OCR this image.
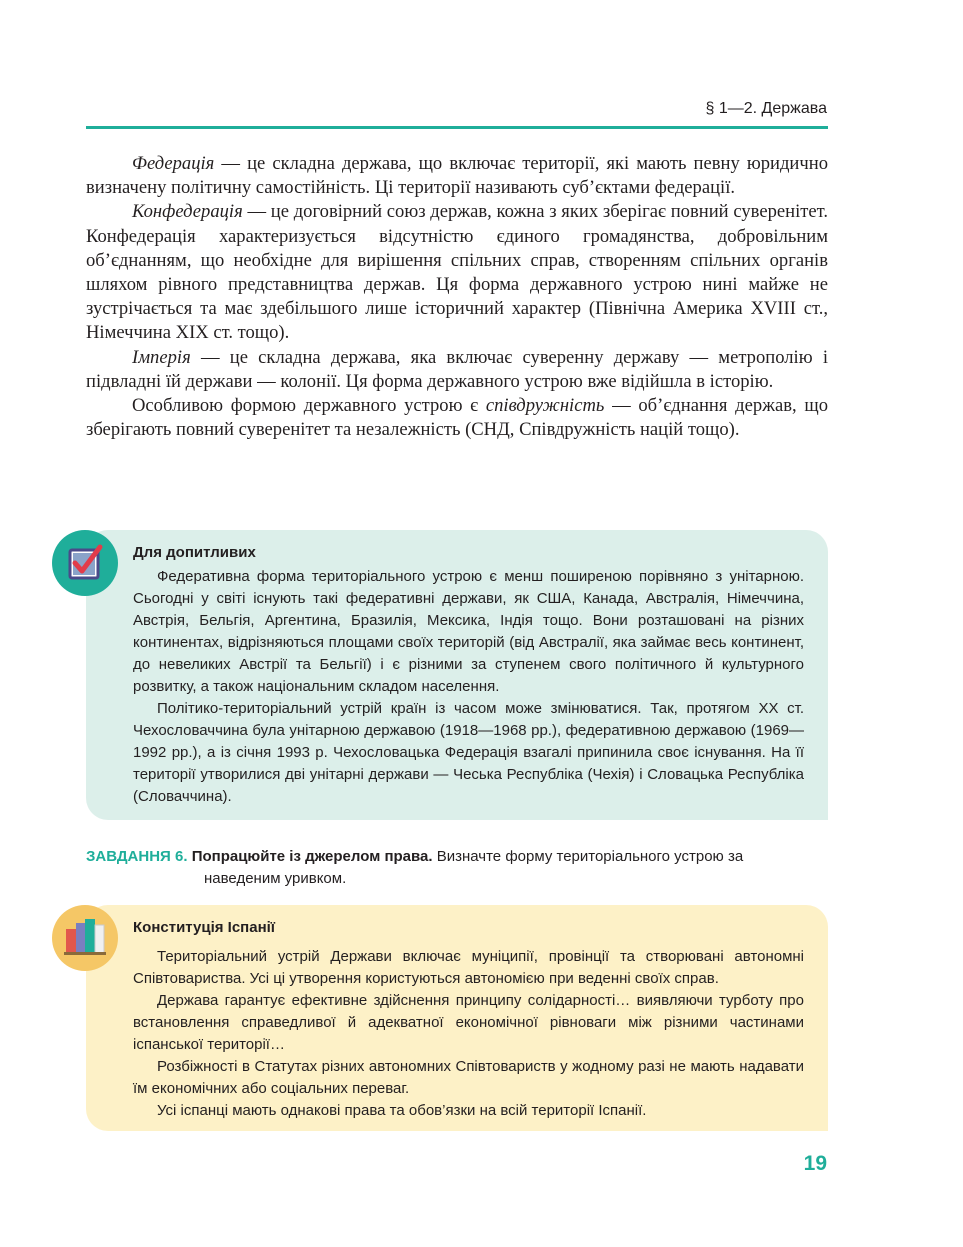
§ 1—2. Держава

Федерація — це складна держава, що включає території, які мають певну юридично визначену політичну самостійність. Ці території називають суб’єктами федерації.

Конфедерація — це договірний союз держав, кожна з яких зберігає повний суверенітет. Конфедерація характеризується відсутністю єдиного громадянства, добровільним об’єднанням, що необхідне для вирішення спільних справ, створенням спільних органів шляхом рівного представництва держав. Ця форма державного устрою нині майже не зустрічається та має здебільшого лише історичний характер (Північна Америка XVIII ст., Німеччина XIX ст. тощо).

Імперія — це складна держава, яка включає суверенну державу — метрополію і підвладні їй держави — колонії. Ця форма державного устрою вже відійшла в історію.

Особливою формою державного устрою є співдружність — об’єднання держав, що зберігають повний суверенітет та незалежність (СНД, Співдружність націй тощо).

Для допитливих

Федеративна форма територіального устрою є менш поширеною порівняно з унітарною. Сьогодні у світі існують такі федеративні держави, як США, Канада, Австралія, Німеччина, Австрія, Бельгія, Аргентина, Бразилія, Мексика, Індія тощо. Вони розташовані на різних континентах, відрізняються площами своїх територій (від Австралії, яка займає весь континент, до невеликих Австрії та Бельгії) і є різними за ступенем свого політичного й культурного розвитку, а також національним складом населення.

Політико-територіальний устрій країн із часом може змінюватися. Так, протягом XX ст. Чехословаччина була унітарною державою (1918—1968 рр.), федеративною державою (1969—1992 рр.), а із січня 1993 р. Чехословацька Федерація взагалі припинила своє існування. На її території утворилися дві унітарні держави — Чеська Республіка (Чехія) і Словацька Республіка (Словаччина).

ЗАВДАННЯ 6. Попрацюйте із джерелом права. Визначте форму територіального устрою за
наведеним уривком.
Конституція Іспанії

Територіальний устрій Держави включає муніципії, провінції та створювані автономні Співтовариства. Усі ці утворення користуються автономією при веденні своїх справ.

Держава гарантує ефективне здійснення принципу солідарності… виявляючи турботу про встановлення справедливої й адекватної економічної рівноваги між різними частинами іспанської території…

Розбіжності в Статутах різних автономних Співтовариств у жодному разі не мають надавати їм економічних або соціальних переваг.

Усі іспанці мають однакові права та обов’язки на всій території Іспанії.

19
